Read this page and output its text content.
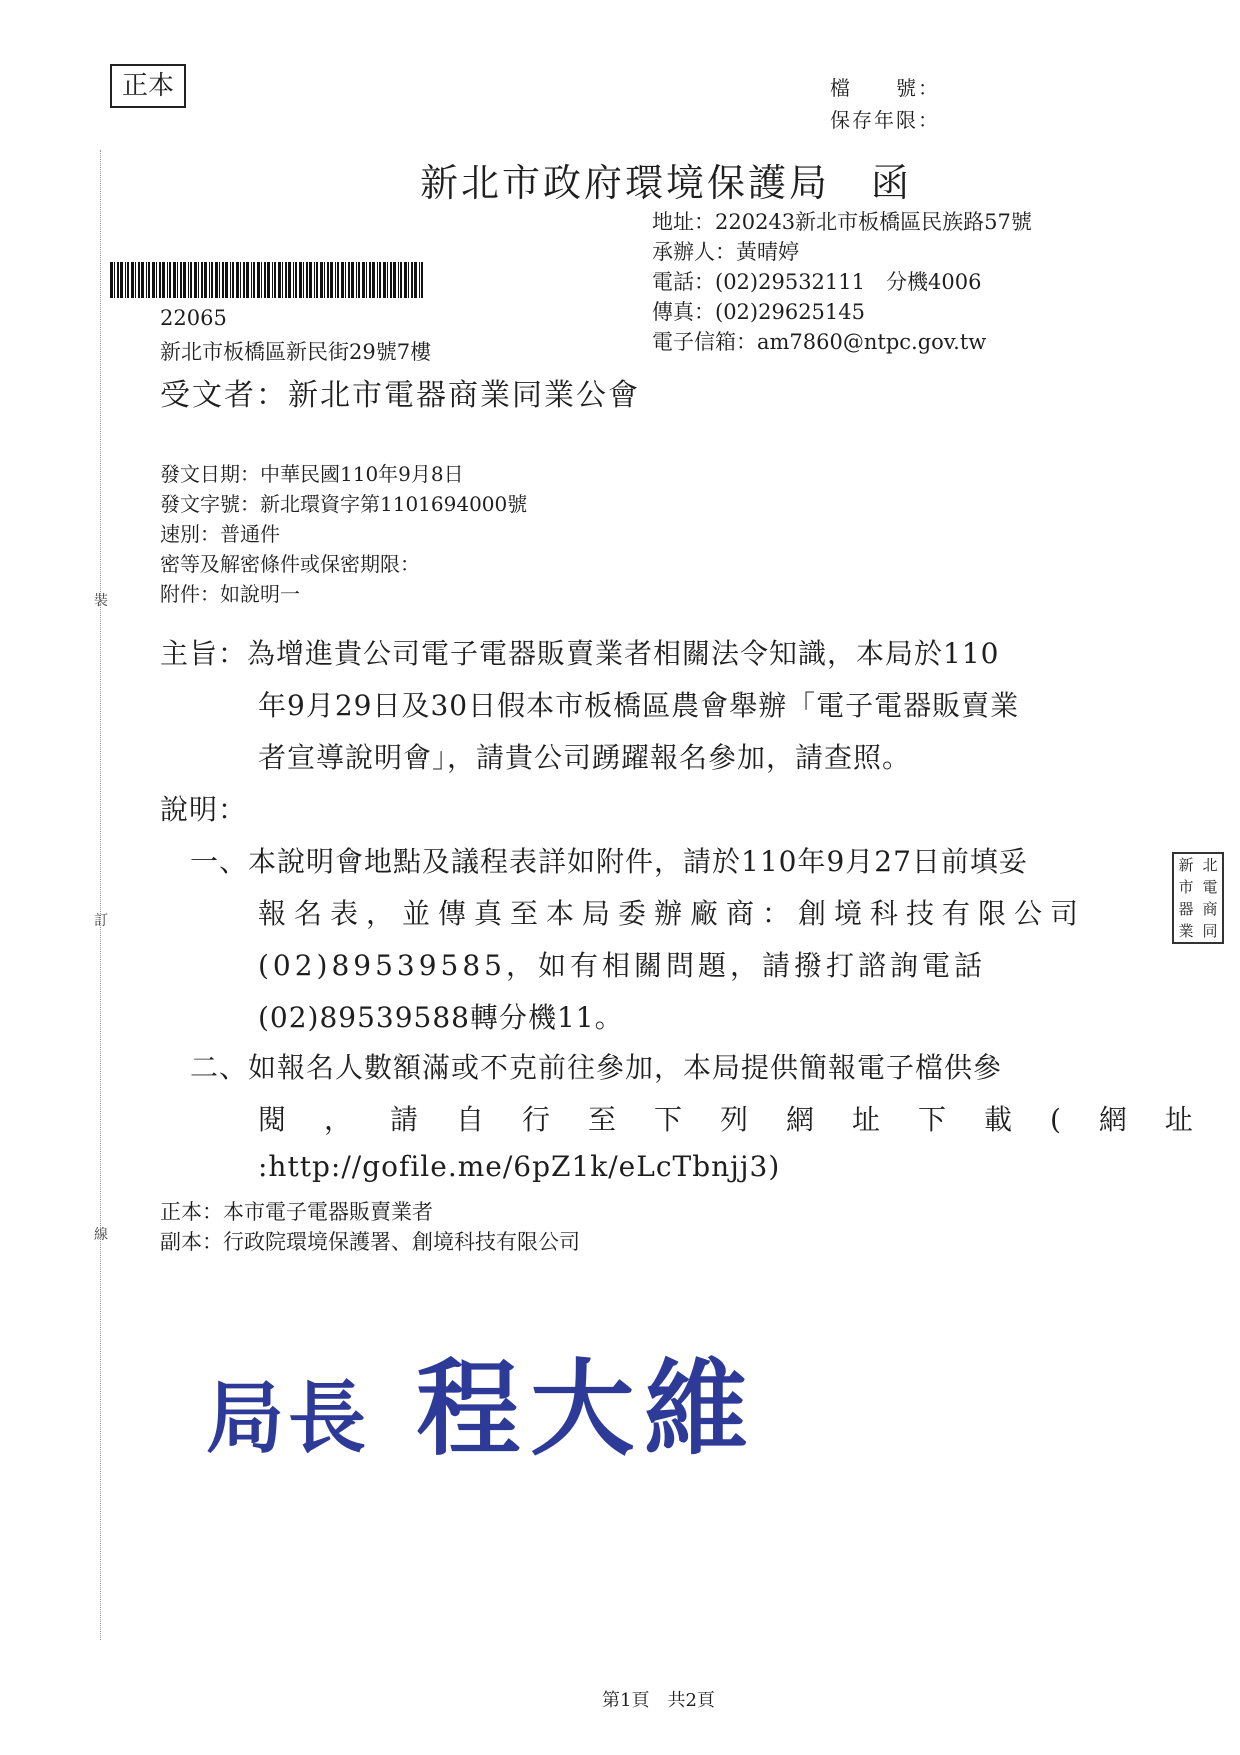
正本	檔　　號：
保存年限：
新北市政府環境保護局　函
地址：220243新北市板橋區民族路57號
承辦人：黃晴婷
電話：(02)29532111　分機4006
傳真：(02)29625145
電子信箱：am7860@ntpc.gov.tw
22065
新北市板橋區新民街29號7樓
受文者：新北市電器商業同業公會
發文日期：中華民國110年9月8日
發文字號：新北環資字第1101694000號
速別：普通件
密等及解密條件或保密期限：
附件：如說明一
主旨：為增進貴公司電子電器販賣業者相關法令知識，本局於110
年9月29日及30日假本市板橋區農會舉辦「電子電器販賣業
者宣導說明會」，請貴公司踴躍報名參加，請查照。
說明：
一、本說明會地點及議程表詳如附件，請於110年9月27日前填妥
報名表，並傳真至本局委辦廠商：創境科技有限公司
(02)89539585，如有相關問題，請撥打諮詢電話
(02)89539588轉分機11。
二、如報名人數額滿或不克前往參加，本局提供簡報電子檔供參
閱，請自行至下列網址下載(網址
:http://gofile.me/6pZ1k/eLcTbnjj3)
裝
訂
線
正本：本市電子電器販賣業者
副本：行政院環境保護署、創境科技有限公司
局長 程大維
新 北
市 電
器 商
業 同
第1頁　共2頁
